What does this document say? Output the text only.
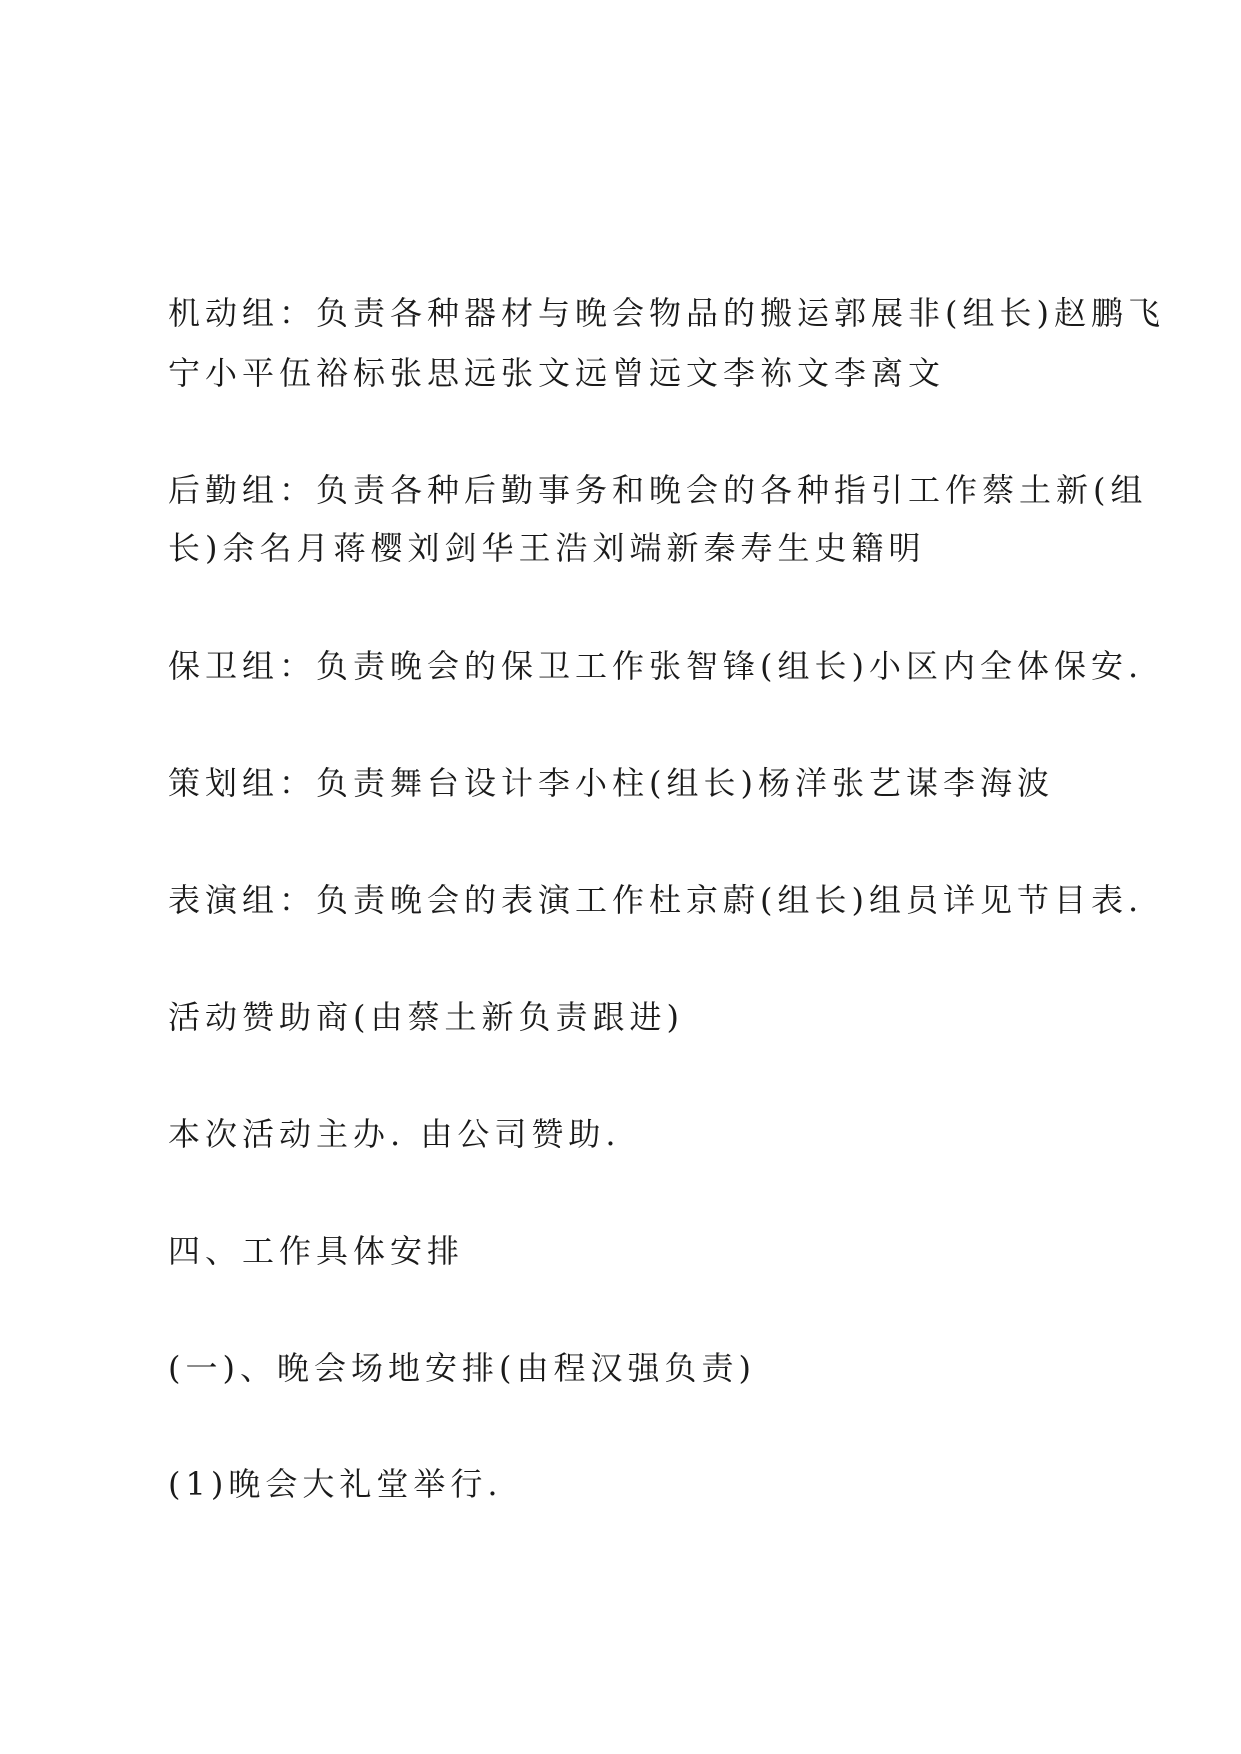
机动组：负责各种器材与晚会物品的搬运郭展非(组长)赵鹏飞

宁小平伍裕标张思远张文远曾远文李袮文李离文

后勤组：负责各种后勤事务和晚会的各种指引工作蔡土新(组

长)余名月蒋樱刘剑华王浩刘端新秦寿生史籍明

保卫组：负责晚会的保卫工作张智锋(组长)小区内全体保安.

策划组：负责舞台设计李小柱(组长)杨洋张艺谋李海波

表演组：负责晚会的表演工作杜京蔚(组长)组员详见节目表.

活动赞助商(由蔡土新负责跟进)

本次活动主办. 由公司赞助.

四、工作具体安排

(一)、晚会场地安排(由程汉强负责)

(1)晚会大礼堂举行.
